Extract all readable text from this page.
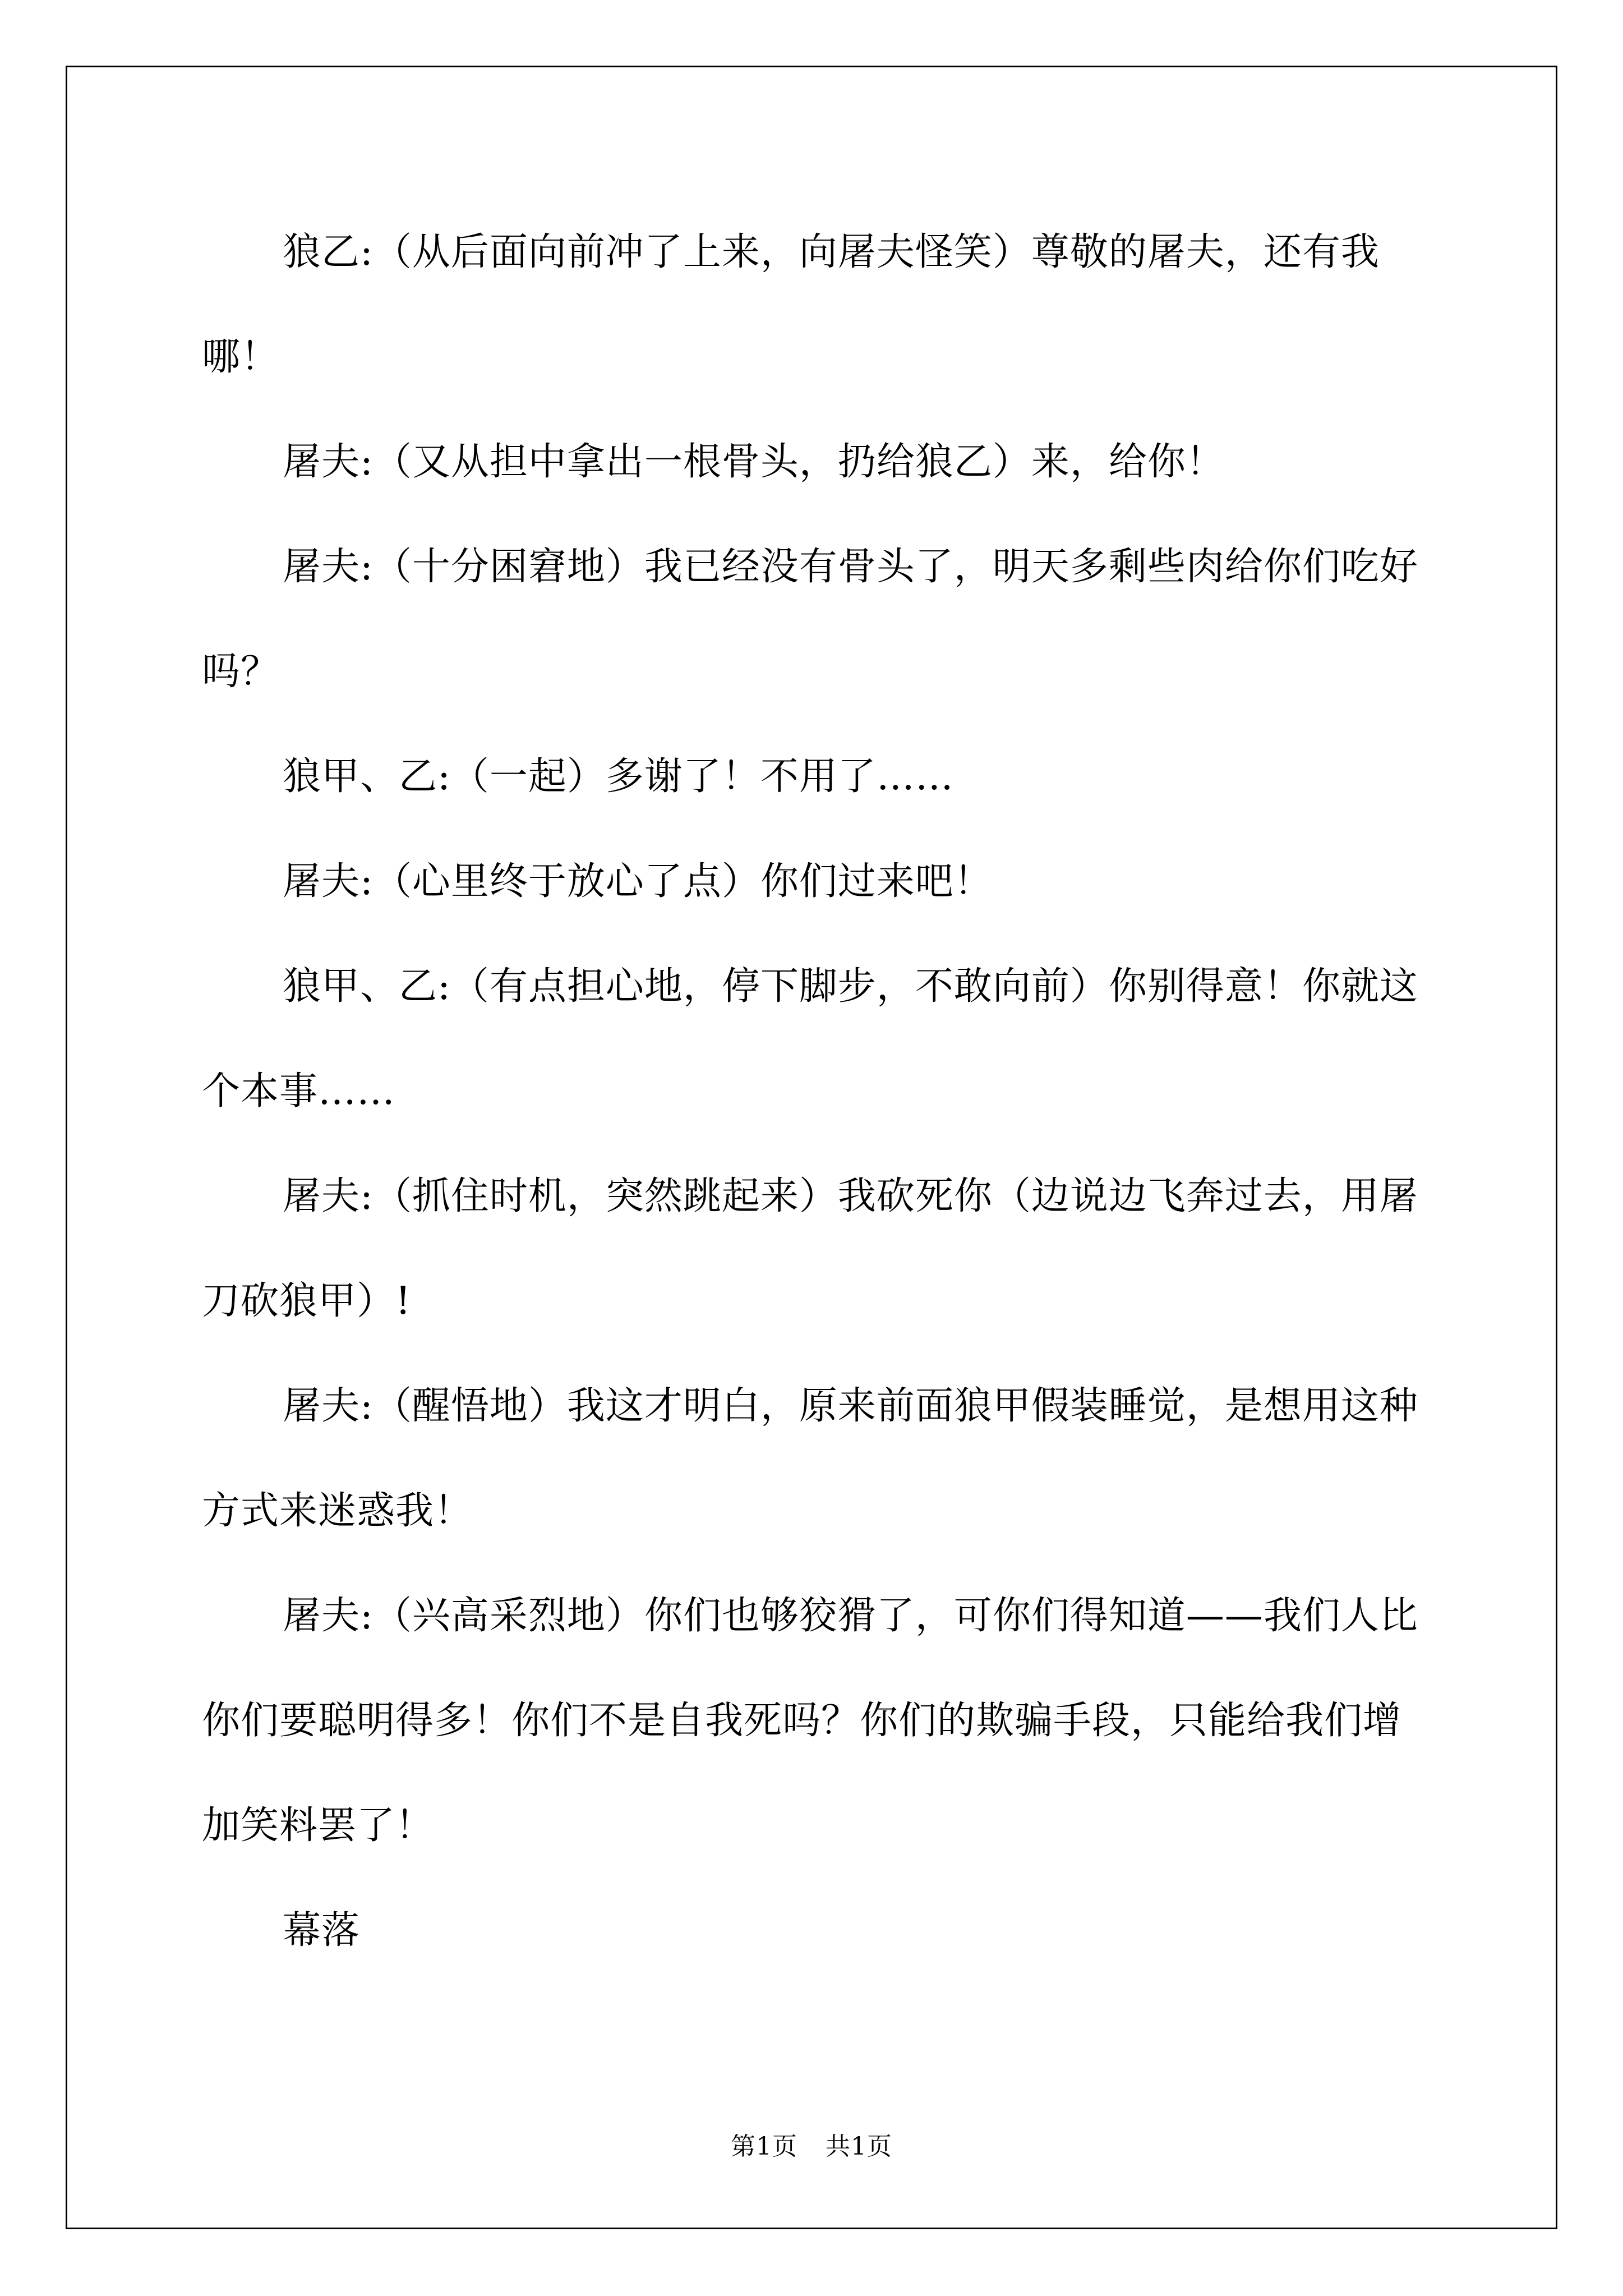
狼乙:（从后面向前冲了上来，向屠夫怪笑）尊敬的屠夫，还有我哪！

屠夫:（又从担中拿出一根骨头，扔给狼乙）来，给你！

屠夫:（十分困窘地）我已经没有骨头了，明天多剩些肉给你们吃好吗？

狼甲、乙:（一起）多谢了！不用了……

屠夫:（心里终于放心了点）你们过来吧！

狼甲、乙:（有点担心地，停下脚步，不敢向前）你别得意！你就这个本事……

屠夫:（抓住时机，突然跳起来）我砍死你（边说边飞奔过去，用屠刀砍狼甲）!

屠夫:（醒悟地）我这才明白，原来前面狼甲假装睡觉，是想用这种方式来迷惑我！

屠夫:（兴高采烈地）你们也够狡猾了，可你们得知道——我们人比你们要聪明得多！你们不是自我死吗？你们的欺骗手段，只能给我们增加笑料罢了！

幕落

第1页 共1页
